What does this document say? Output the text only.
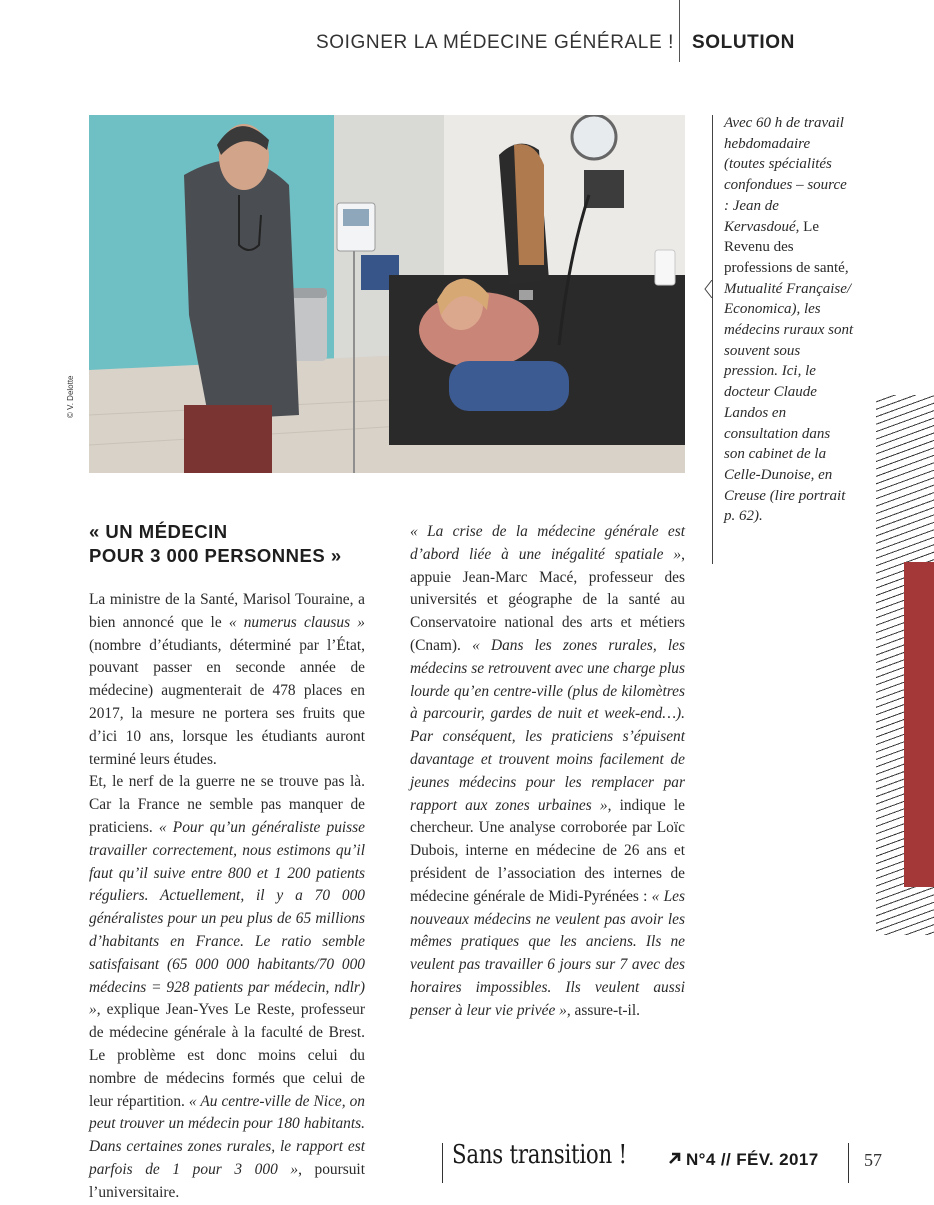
SOIGNER LA MÉDECINE GÉNÉRALE ! SOLUTION
© V. Delotte
Avec 60 h de travail hebdomadaire (toutes spécialités confondues – source : Jean de Kervasdoué, Le Revenu des professions de santé, Mutualité Française/ Economica), les médecins ruraux sont souvent sous pression. Ici, le docteur Claude Landos en consultation dans son cabinet de la Celle-Dunoise, en Creuse (lire portrait p. 62).
« UN MÉDECIN
POUR 3 000 PERSONNES »

La ministre de la Santé, Marisol Touraine, a bien annoncé que le « numerus clausus » (nombre d’étudiants, déterminé par l’État, pouvant passer en seconde année de médecine) augmenterait de 478 places en 2017, la mesure ne portera ses fruits que d’ici 10 ans, lorsque les étudiants auront terminé leurs études.

Et, le nerf de la guerre ne se trouve pas là. Car la France ne semble pas manquer de praticiens. « Pour qu’un généraliste puisse travailler correctement, nous estimons qu’il faut qu’il suive entre 800 et 1 200 patients réguliers. Actuellement, il y a 70 000 généralistes pour un peu plus de 65 millions d’habitants en France. Le ratio semble satisfaisant (65 000 000 habitants/70 000 médecins = 928 patients par médecin, ndlr) », explique Jean-Yves Le Reste, professeur de médecine générale à la faculté de Brest. Le problème est donc moins celui du nombre de médecins formés que celui de leur répartition. « Au centre-ville de Nice, on peut trouver un médecin pour 180 habitants. Dans certaines zones rurales, le rapport est parfois de 1 pour 3 000 », poursuit l’universitaire.

« La crise de la médecine générale est d’abord liée à une inégalité spatiale », appuie Jean-Marc Macé, professeur des universités et géographe de la santé au Conservatoire national des arts et métiers (Cnam). « Dans les zones rurales, les médecins se retrouvent avec une charge plus lourde qu’en centre-ville (plus de kilomètres à parcourir, gardes de nuit et week-end…). Par conséquent, les praticiens s’épuisent davantage et trouvent moins facilement de jeunes médecins pour les remplacer par rapport aux zones urbaines », indique le chercheur. Une analyse corroborée par Loïc Dubois, interne en médecine de 26 ans et président de l’association des internes de médecine générale de Midi-Pyrénées : « Les nouveaux médecins ne veulent pas avoir les mêmes pratiques que les anciens. Ils ne veulent pas travailler 6 jours sur 7 avec des horaires impossibles. Ils veulent aussi penser à leur vie privée », assure-t-il.

Sans transition !	N°4 // FÉV. 2017	57
